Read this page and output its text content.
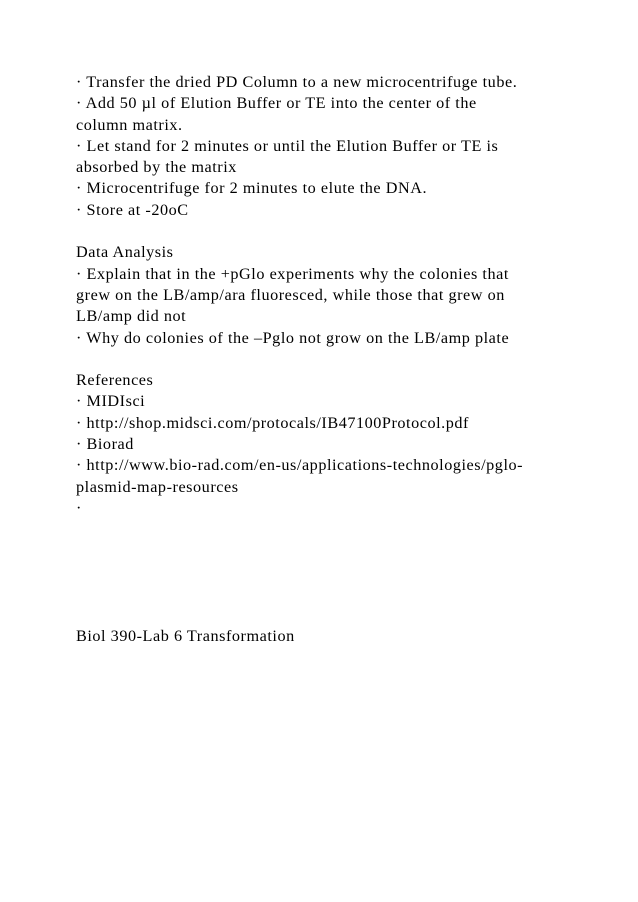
· Transfer the dried PD Column to a new microcentrifuge tube.
· Add 50 µl of Elution Buffer or TE into the center of the
column matrix.
· Let stand for 2 minutes or until the Elution Buffer or TE is
absorbed by the matrix
· Microcentrifuge for 2 minutes to elute the DNA.
· Store at -20oC
Data Analysis
· Explain that in the +pGlo experiments why the colonies that
grew on the LB/amp/ara fluoresced, while those that grew on
LB/amp did not
· Why do colonies of the –Pglo not grow on the LB/amp plate
References
· MIDIsci
· http://shop.midsci.com/protocals/IB47100Protocol.pdf
· Biorad
· http://www.bio-rad.com/en-us/applications-technologies/pglo-
plasmid-map-resources
·
Biol 390-Lab 6 Transformation
